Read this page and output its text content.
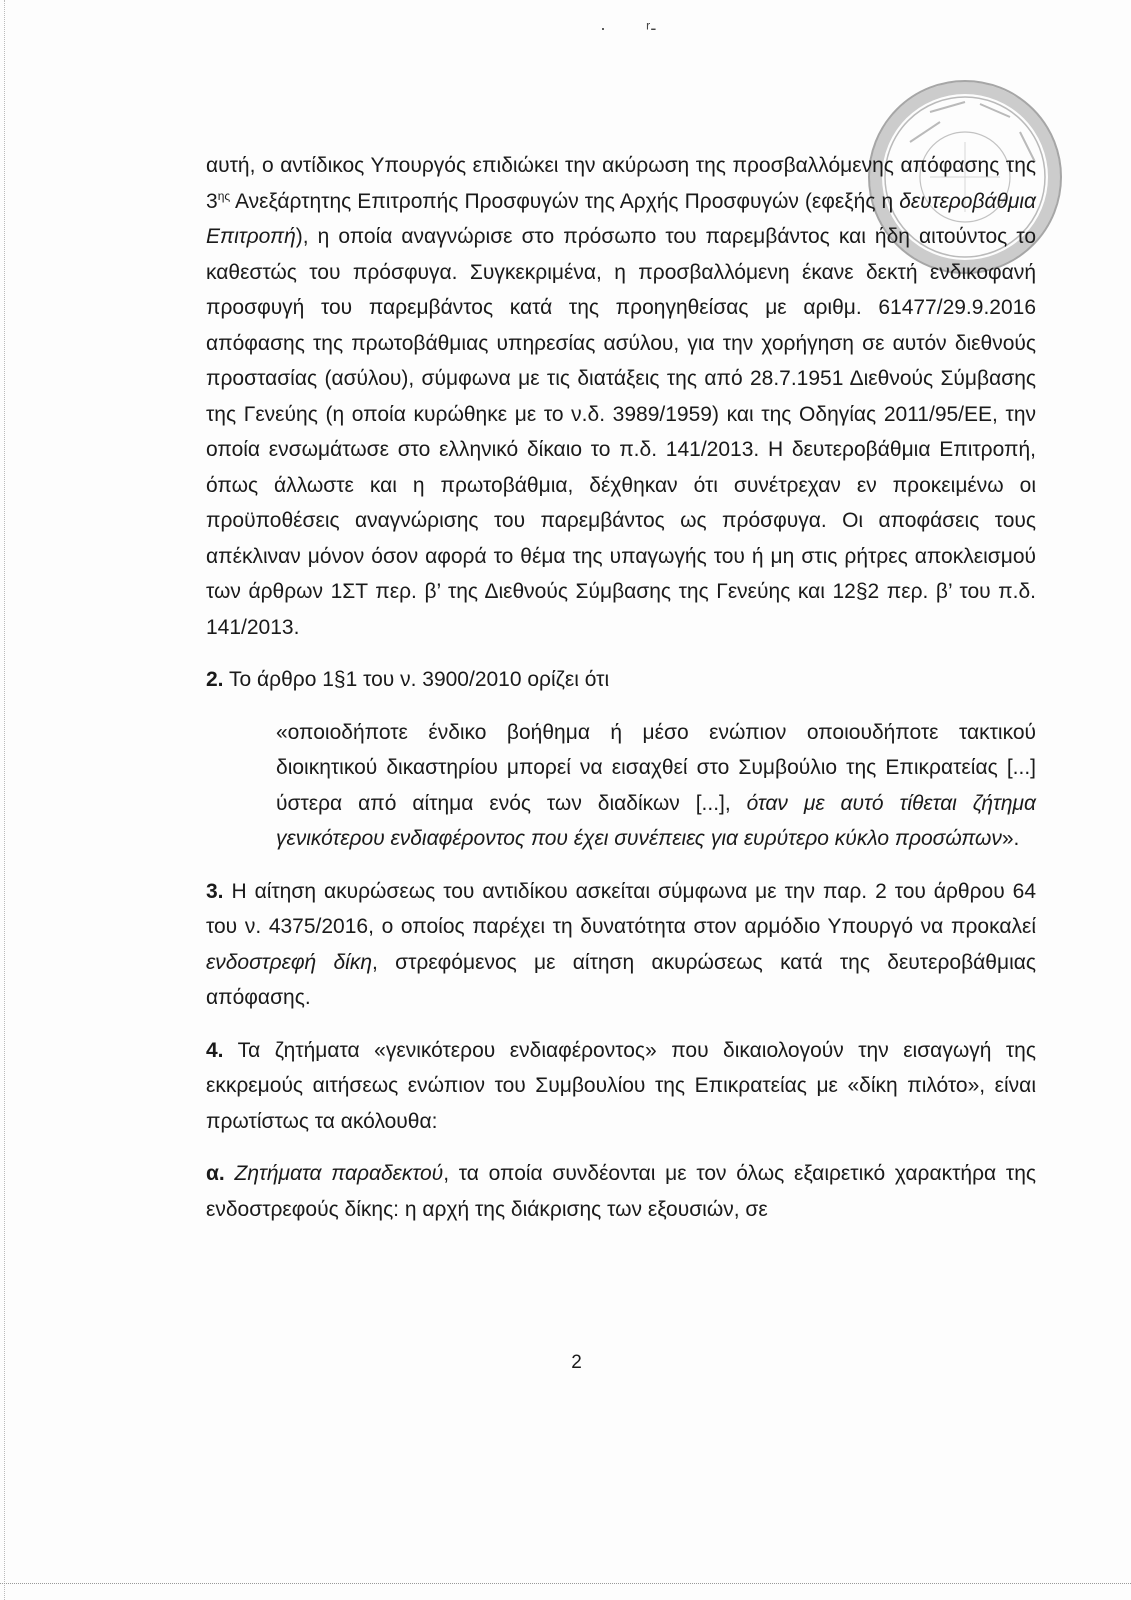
·        ʳ‐

αυτή, ο αντίδικος Υπουργός επιδιώκει την ακύρωση της προσβαλλόμενης απόφασης της $3^{\eta\varsigma}$ Ανεξάρτητης Επιτροπής Προσφυγών της Αρχής Προσφυγών (εφεξής η δευτεροβάθμια Επιτροπή), η οποία αναγνώρισε στο πρόσωπο του παρεμβάντος και ήδη αιτούντος το καθεστώς του πρόσφυγα. Συγκεκριμένα, η προσβαλλόμενη έκανε δεκτή ενδικοφανή προσφυγή του παρεμβάντος κατά της προηγηθείσας με αριθμ. 61477/29.9.2016 απόφασης της πρωτοβάθμιας υπηρεσίας ασύλου, για την χορήγηση σε αυτόν διεθνούς προστασίας (ασύλου), σύμφωνα με τις διατάξεις της από 28.7.1951 Διεθνούς Σύμβασης της Γενεύης (η οποία κυρώθηκε με το ν.δ. 3989/1959) και της Οδηγίας 2011/95/ΕΕ, την οποία ενσωμάτωσε στο ελληνικό δίκαιο το π.δ. 141/2013. Η δευτεροβάθμια Επιτροπή, όπως άλλωστε και η πρωτοβάθμια, δέχθηκαν ότι συνέτρεχαν εν προκειμένω οι προϋποθέσεις αναγνώρισης του παρεμβάντος ως πρόσφυγα. Οι αποφάσεις τους απέκλιναν μόνον όσον αφορά το θέμα της υπαγωγής του ή μη στις ρήτρες αποκλεισμού των άρθρων 1ΣΤ περ. β’ της Διεθνούς Σύμβασης της Γενεύης και 12§2 περ. β’ του π.δ. 141/2013.

2. Το άρθρο 1§1 του ν. 3900/2010 ορίζει ότι

«οποιοδήποτε ένδικο βοήθημα ή μέσο ενώπιον οποιουδήποτε τακτικού διοικητικού δικαστηρίου μπορεί να εισαχθεί στο Συμβούλιο της Επικρατείας [...] ύστερα από αίτημα ενός των διαδίκων [...], όταν με αυτό τίθεται ζήτημα γενικότερου ενδιαφέροντος που έχει συνέπειες για ευρύτερο κύκλο προσώπων».

3. Η αίτηση ακυρώσεως του αντιδίκου ασκείται σύμφωνα με την παρ. 2 του άρθρου 64 του ν. 4375/2016, ο οποίος παρέχει τη δυνατότητα στον αρμόδιο Υπουργό να προκαλεί ενδοστρεφή δίκη, στρεφόμενος με αίτηση ακυρώσεως κατά της δευτεροβάθμιας απόφασης.

4. Τα ζητήματα «γενικότερου ενδιαφέροντος» που δικαιολογούν την εισαγωγή της εκκρεμούς αιτήσεως ενώπιον του Συμβουλίου της Επικρατείας με «δίκη πιλότο», είναι πρωτίστως τα ακόλουθα:

α. Ζητήματα παραδεκτού, τα οποία συνδέονται με τον όλως εξαιρετικό χαρακτήρα της ενδοστρεφούς δίκης: η αρχή της διάκρισης των εξουσιών, σε

2
